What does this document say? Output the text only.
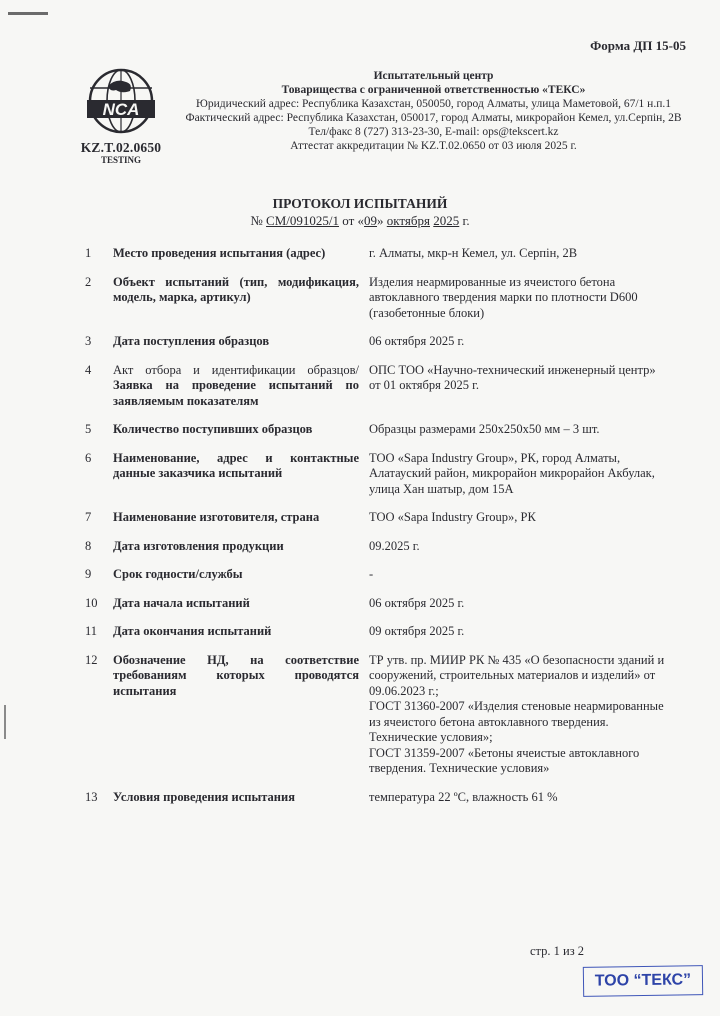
Форма ДП 15-05
NCA
KZ.T.02.0650
TESTING
Испытательный центр
Товарищества с ограниченной ответственностью «ТЕКС»
Юридический адрес: Республика Казахстан, 050050, город Алматы, улица Маметовой, 67/1 н.п.1
Фактический адрес: Республика Казахстан, 050017, город Алматы, микрорайон Кемел, ул.Серпін, 2В
Тел/факс 8 (727) 313-23-30, E-mail: ops@tekscert.kz
Аттестат аккредитации № KZ.T.02.0650 от 03 июля 2025 г.
ПРОТОКОЛ ИСПЫТАНИЙ
№ CM/091025/1 от «09» октября 2025 г.
1	Место проведения испытания (адрес)	г. Алматы, мкр-н Кемел, ул. Серпін, 2В
2	Объект испытаний (тип, модификация, модель, марка, артикул)
Изделия неармированные из ячеистого бетона автоклавного твердения марки по плотности D600 (газобетонные блоки)
3	Дата поступления образцов	06 октября 2025 г.
4	Акт отбора и идентификации образцов/ Заявка на проведение испытаний по заявляемым показателям
ОПС ТОО «Научно-технический инженерный центр» от 01 октября 2025 г.
5	Количество поступивших образцов	Образцы размерами 250x250x50 мм – 3 шт.
6	Наименование, адрес и контактные данные заказчика испытаний
ТОО «Sapa Industry Group», РК, город Алматы, Алатауский район, микрорайон микрорайон Акбулак, улица Хан шатыр, дом 15А
7	Наименование изготовителя, страна	ТОО «Sapa Industry Group», РК
8	Дата изготовления продукции	09.2025 г.
9	Срок годности/службы	-
10	Дата начала испытаний	06 октября 2025 г.
11	Дата окончания испытаний	09 октября 2025 г.
12	Обозначение НД, на соответствие требованиям которых проводятся испытания
ТР утв. пр. МИИР РК № 435 «О безопасности зданий и сооружений, строительных материалов и изделий» от 09.06.2023 г.;
ГОСТ 31360-2007 «Изделия стеновые неармированные из ячеистого бетона автоклавного твердения. Технические условия»;
ГОСТ 31359-2007 «Бетоны ячеистые автоклавного твердения. Технические условия»
13	Условия проведения испытания	температура 22 ºС, влажность 61 %
стр. 1 из 2
ТОО “ТЕКС”
